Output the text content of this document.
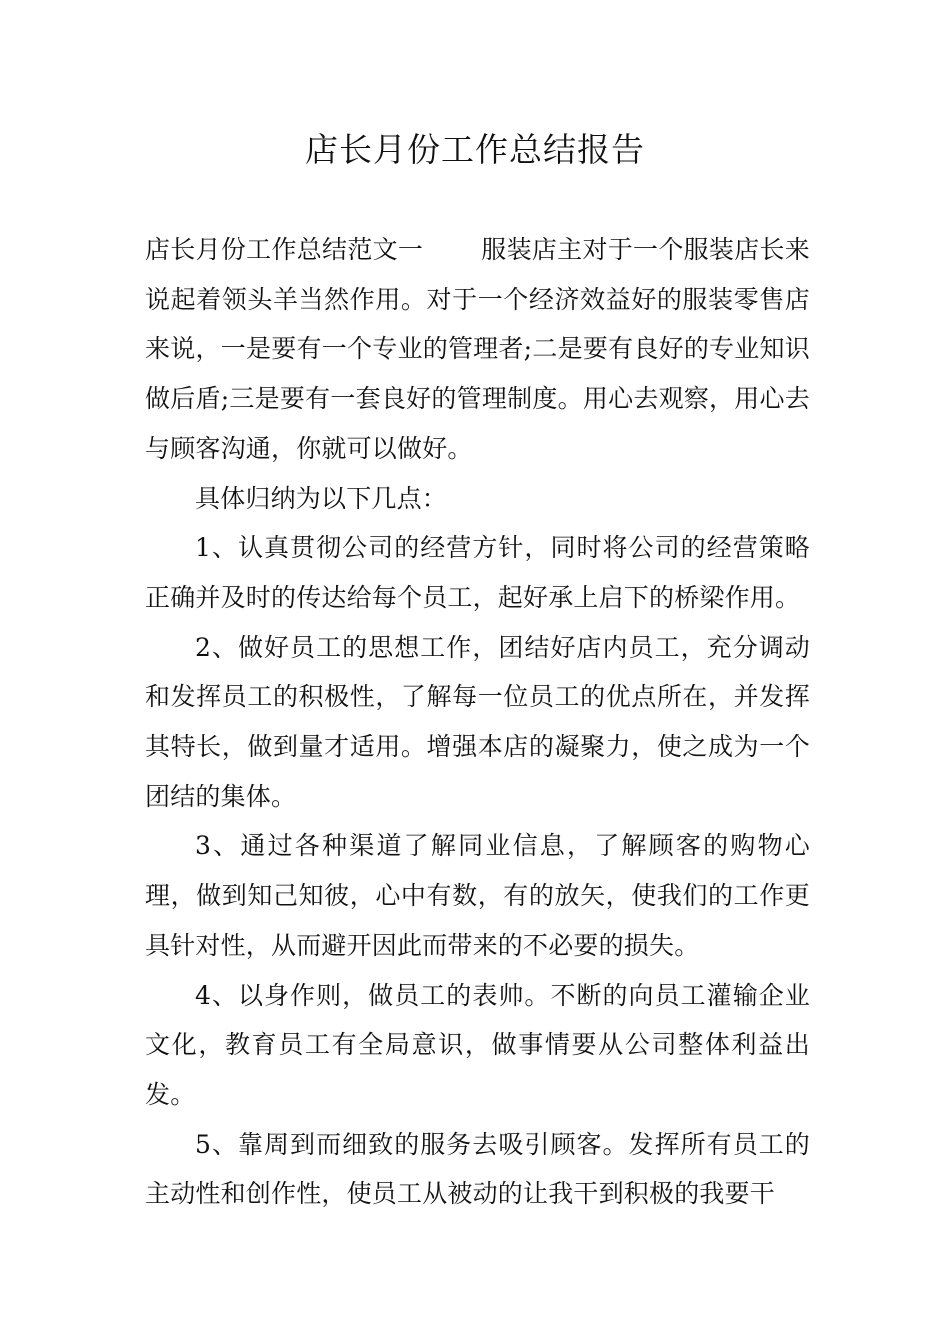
店长月份工作总结报告

店长月份工作总结范文一 服装店主对于一个服装店长来说起着领头羊当然作用。对于一个经济效益好的服装零售店来说，一是要有一个专业的管理者;二是要有良好的专业知识做后盾;三是要有一套良好的管理制度。用心去观察，用心去与顾客沟通，你就可以做好。

具体归纳为以下几点：

1、认真贯彻公司的经营方针，同时将公司的经营策略正确并及时的传达给每个员工，起好承上启下的桥梁作用。

2、做好员工的思想工作，团结好店内员工，充分调动和发挥员工的积极性，了解每一位员工的优点所在，并发挥其特长，做到量才适用。增强本店的凝聚力，使之成为一个团结的集体。

3、通过各种渠道了解同业信息，了解顾客的购物心理，做到知己知彼，心中有数，有的放矢，使我们的工作更具针对性，从而避开因此而带来的不必要的损失。

4、以身作则，做员工的表帅。不断的向员工灌输企业文化，教育员工有全局意识，做事情要从公司整体利益出发。

5、靠周到而细致的服务去吸引顾客。发挥所有员工的主动性和创作性，使员工从被动的让我干到积极的我要干
